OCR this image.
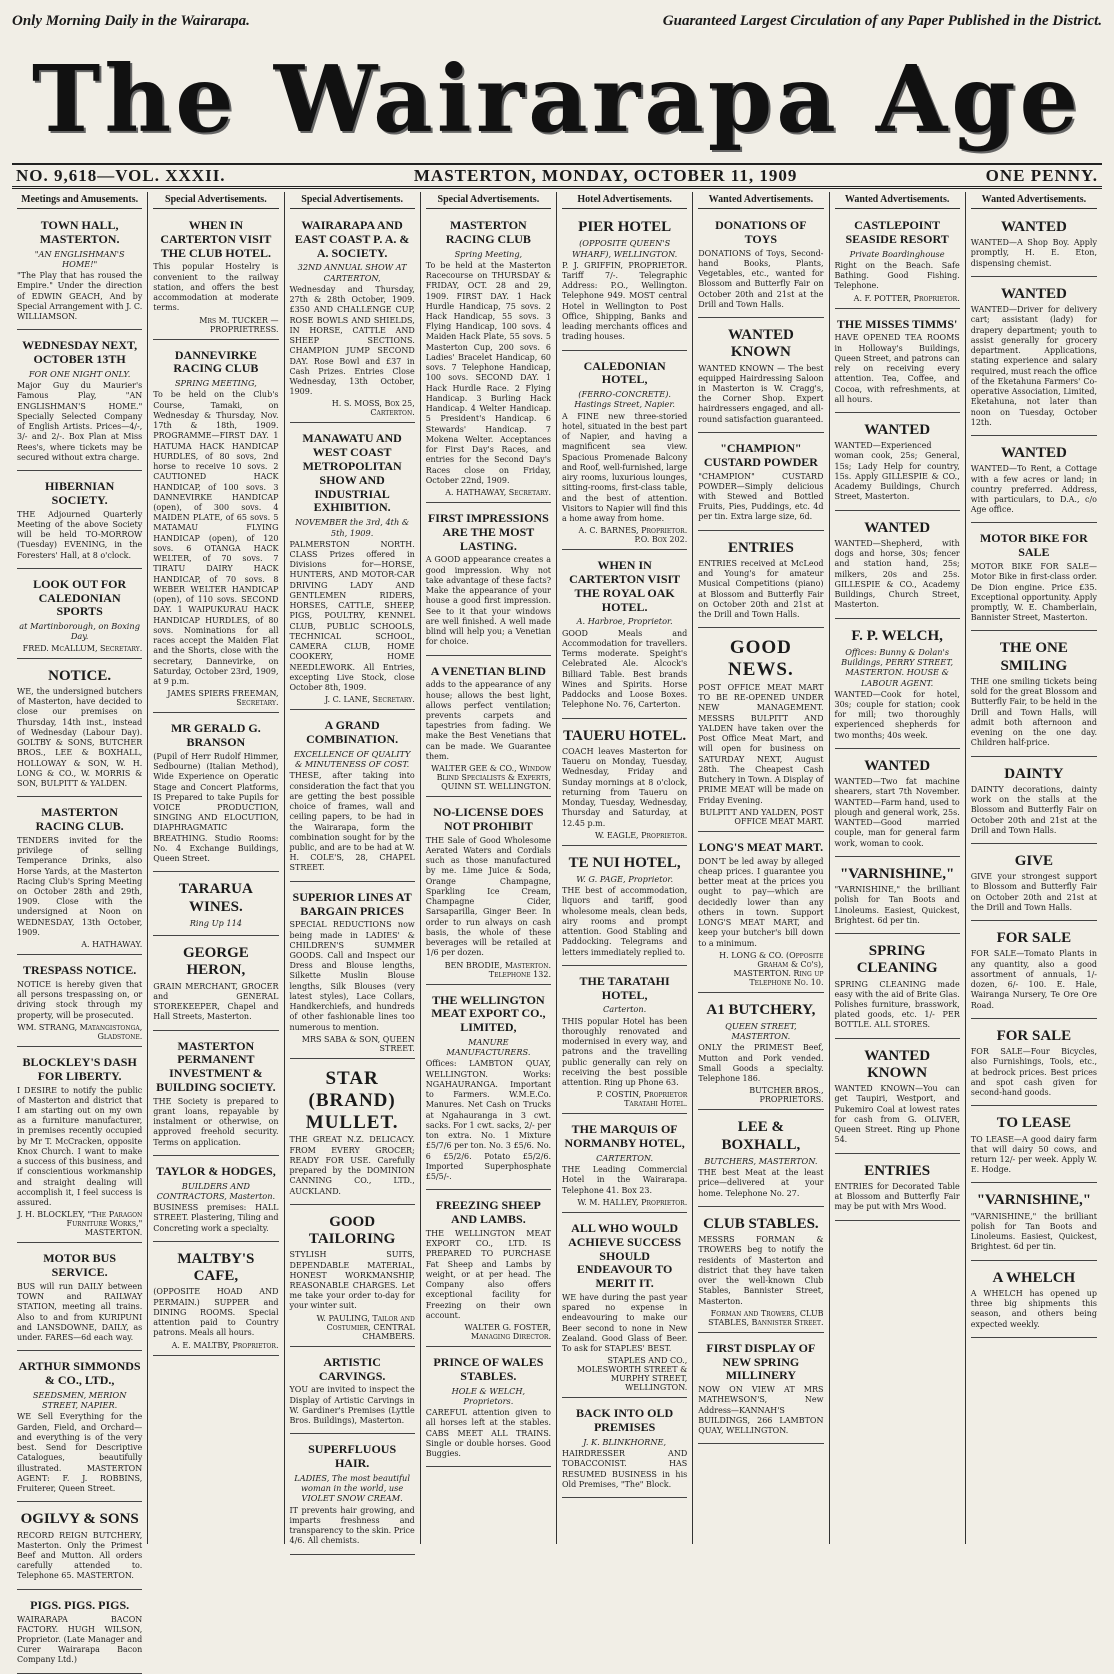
Only Morning Daily in the Wairarapa.	Guaranteed Largest Circulation of any Paper Published in the District.
The Wairarapa Age
NO. 9,618—VOL. XXXII.	MASTERTON, MONDAY, OCTOBER 11, 1909	ONE PENNY.
Meetings and Amusements.
TOWN HALL, MASTERTON.
"AN ENGLISHMAN'S HOME!"
"The Play that has roused the Empire." Under the direction of EDWIN GEACH, And by Special Arrangement with J. C. WILLIAMSON.
WEDNESDAY NEXT, OCTOBER 13TH
FOR ONE NIGHT ONLY.
Major Guy du Maurier's Famous Play, "AN ENGLISHMAN'S HOME." Specially Selected Company of English Artists. Prices—4/-, 3/- and 2/-. Box Plan at Miss Rees's, where tickets may be secured without extra charge.
HIBERNIAN SOCIETY.
THE Adjourned Quarterly Meeting of the above Society will be held TO-MORROW (Tuesday) EVENING, in the Foresters' Hall, at 8 o'clock.
LOOK OUT FOR CALEDONIAN SPORTS
at Martinborough, on Boxing Day.
FRED. McALLUM, Secretary.
NOTICE.
WE, the undersigned butchers of Masterton, have decided to close our premises on Thursday, 14th inst., instead of Wednesday (Labour Day). GOLTBY & SONS, BUTCHER BROS., LEE & BOXHALL, HOLLOWAY & SON, W. H. LONG & CO., W. MORRIS & SON, BULPITT & YALDEN.
MASTERTON RACING CLUB.
TENDERS invited for the privilege of selling Temperance Drinks, also Horse Yards, at the Masterton Racing Club's Spring Meeting on October 28th and 29th, 1909. Close with the undersigned at Noon on WEDNESDAY, 13th October, 1909.
A. HATHAWAY.
TRESPASS NOTICE.
NOTICE is hereby given that all persons trespassing on, or driving stock through my property, will be prosecuted.
WM. STRANG, Matangistonga, Gladstone.
BLOCKLEY'S DASH FOR LIBERTY.
I DESIRE to notify the public of Masterton and district that I am starting out on my own as a furniture manufacturer, in premises recently occupied by Mr T. McCracken, opposite Knox Church. I want to make a success of this business, and if conscientious workmanship and straight dealing will accomplish it, I feel success is assured.
J. H. BLOCKLEY, "The Paragon Furniture Works," MASTERTON.
MOTOR BUS SERVICE.
BUS will run DAILY between TOWN and RAILWAY STATION, meeting all trains. Also to and from KURIPUNI and LANSDOWNE, DAILY, as under. FARES—6d each way.
ARTHUR SIMMONDS & CO., LTD.,
SEEDSMEN, MERION STREET, NAPIER.
WE Sell Everything for the Garden, Field, and Orchard—and everything is of the very best. Send for Descriptive Catalogues, beautifully illustrated. MASTERTON AGENT: F. J. ROBBINS, Fruiterer, Queen Street.
OGILVY & SONS
RECORD REIGN BUTCHERY, Masterton. Only the Primest Beef and Mutton. All orders carefully attended to. Telephone 65. MASTERTON.
PIGS. PIGS. PIGS.
WAIRARAPA BACON FACTORY. HUGH WILSON, Proprietor. (Late Manager and Curer Wairarapa Bacon Company Ltd.)
Special Advertisements.
WHEN IN CARTERTON VISIT THE CLUB HOTEL.
This popular Hostelry is convenient to the railway station, and offers the best accommodation at moderate terms.
Mrs M. TUCKER — PROPRIETRESS.
DANNEVIRKE RACING CLUB
SPRING MEETING,
To be held on the Club's Course, Tamaki, on Wednesday & Thursday, Nov. 17th & 18th, 1909. PROGRAMME—FIRST DAY. 1 HATUMA HACK HANDICAP HURDLES, of 80 sovs, 2nd horse to receive 10 sovs. 2 CAUTIONED HACK HANDICAP, of 100 sovs. 3 DANNEVIRKE HANDICAP (open), of 300 sovs. 4 MAIDEN PLATE, of 65 sovs. 5 MATAMAU FLYING HANDICAP (open), of 120 sovs. 6 OTANGA HACK WELTER, of 70 sovs. 7 TIRATU DAIRY HACK HANDICAP, of 70 sovs. 8 WEBER WELTER HANDICAP (open), of 110 sovs. SECOND DAY. 1 WAIPUKURAU HACK HANDICAP HURDLES, of 80 sovs. Nominations for all races accept the Maiden Flat and the Shorts, close with the secretary, Dannevirke, on Saturday, October 23rd, 1909, at 9 p.m.
JAMES SPIERS FREEMAN, Secretary.
MR GERALD G. BRANSON
(Pupil of Herr Rudolf Himmer, Sedbourne) (Italian Method), Wide Experience on Operatic Stage and Concert Platforms, IS Prepared to take Pupils for VOICE PRODUCTION, SINGING AND ELOCUTION, DIAPHRAGMATIC BREATHING. Studio Rooms: No. 4 Exchange Buildings, Queen Street.
TARARUA WINES.
Ring Up 114
GEORGE HERON,
GRAIN MERCHANT, GROCER and GENERAL STOREKEEPER, Chapel and Hall Streets, Masterton.
MASTERTON PERMANENT INVESTMENT & BUILDING SOCIETY.
THE Society is prepared to grant loans, repayable by instalment or otherwise, on approved freehold security. Terms on application.
TAYLOR & HODGES,
BUILDERS AND CONTRACTORS, Masterton.
BUSINESS premises: HALL STREET. Plastering, Tiling and Concreting work a specialty.
MALTBY'S CAFE,
(OPPOSITE HOAD AND PERMAIN.) SUPPER and DINING ROOMS. Special attention paid to Country patrons. Meals all hours.
A. E. MALTBY, Proprietor.
Special Advertisements.
WAIRARAPA AND EAST COAST P. A. & A. SOCIETY.
32ND ANNUAL SHOW AT CARTERTON,
Wednesday and Thursday, 27th & 28th October, 1909. £350 AND CHALLENGE CUP, ROSE BOWLS AND SHIELDS, IN HORSE, CATTLE AND SHEEP SECTIONS. CHAMPION JUMP SECOND DAY. Rose Bowl and £37 in Cash Prizes. Entries Close Wednesday, 13th October, 1909.
H. S. MOSS, Box 25, Carterton.
MANAWATU AND WEST COAST METROPOLITAN SHOW AND INDUSTRIAL EXHIBITION.
NOVEMBER the 3rd, 4th & 5th, 1909.
PALMERSTON NORTH. CLASS Prizes offered in Divisions for—HORSE, HUNTERS, AND MOTOR-CAR DRIVING LADY AND GENTLEMEN RIDERS, HORSES, CATTLE, SHEEP, PIGS, POULTRY, KENNEL CLUB, PUBLIC SCHOOLS, TECHNICAL SCHOOL, CAMERA CLUB, HOME COOKERY, HOME NEEDLEWORK. All Entries, excepting Live Stock, close October 8th, 1909.
J. C. LANE, Secretary.
A GRAND COMBINATION.
EXCELLENCE OF QUALITY & MINUTENESS OF COST.
THESE, after taking into consideration the fact that you are getting the best possible choice of frames, wall and ceiling papers, to be had in the Wairarapa, form the combination sought for by the public, and are to be had at W. H. COLE'S, 28, CHAPEL STREET.
SUPERIOR LINES AT BARGAIN PRICES
SPECIAL REDUCTIONS now being made in LADIES' & CHILDREN'S SUMMER GOODS. Call and Inspect our Dress and Blouse lengths, Silkette Muslin Blouse lengths, Silk Blouses (very latest styles), Lace Collars, Handkerchiefs, and hundreds of other fashionable lines too numerous to mention.
MRS SABA & SON, QUEEN STREET.
STAR (BRAND) MULLET.
THE GREAT N.Z. DELICACY. FROM EVERY GROCER; READY FOR USE. Carefully prepared by the DOMINION CANNING CO., LTD., AUCKLAND.
GOOD TAILORING
STYLISH SUITS, DEPENDABLE MATERIAL, HONEST WORKMANSHIP, REASONABLE CHARGES. Let me take your order to-day for your winter suit.
W. PAULING, Tailor and Costumier, CENTRAL CHAMBERS.
ARTISTIC CARVINGS.
YOU are invited to inspect the Display of Artistic Carvings in W. Gardiner's Premises (Lyttle Bros. Buildings), Masterton.
SUPERFLUOUS HAIR.
LADIES, The most beautiful woman in the world, use VIOLET SNOW CREAM.
IT prevents hair growing, and imparts freshness and transparency to the skin. Price 4/6. All chemists.
Special Advertisements.
MASTERTON RACING CLUB
Spring Meeting,
To be held at the Masterton Racecourse on THURSDAY & FRIDAY, OCT. 28 and 29, 1909. FIRST DAY. 1 Hack Hurdle Handicap, 75 sovs. 2 Hack Handicap, 55 sovs. 3 Flying Handicap, 100 sovs. 4 Maiden Hack Plate, 55 sovs. 5 Masterton Cup, 200 sovs. 6 Ladies' Bracelet Handicap, 60 sovs. 7 Telephone Handicap, 100 sovs. SECOND DAY. 1 Hack Hurdle Race. 2 Flying Handicap. 3 Burling Hack Handicap. 4 Welter Handicap. 5 President's Handicap. 6 Stewards' Handicap. 7 Mokena Welter. Acceptances for First Day's Races, and entries for the Second Day's Races close on Friday, October 22nd, 1909.
A. HATHAWAY, Secretary.
FIRST IMPRESSIONS ARE THE MOST LASTING.
A GOOD appearance creates a good impression. Why not take advantage of these facts? Make the appearance of your house a good first impression. See to it that your windows are well finished. A well made blind will help you; a Venetian for choice.
A VENETIAN BLIND
adds to the appearance of any house; allows the best light, allows perfect ventilation; prevents carpets and tapestries from fading. We make the Best Venetians that can be made. We Guarantee them.
WALTER GEE & CO., Window Blind Specialists & Experts, QUINN ST. WELLINGTON.
NO-LICENSE DOES NOT PROHIBIT
THE Sale of Good Wholesome Aerated Waters and Cordials such as those manufactured by me. Lime Juice & Soda, Orange Champagne, Sparkling Ice Cream, Champagne Cider, Sarsaparilla, Ginger Beer. In order to run always on cash basis, the whole of these beverages will be retailed at 1/6 per dozen.
BEN BRODIE, Masterton. Telephone 132.
THE WELLINGTON MEAT EXPORT CO., LIMITED,
MANURE MANUFACTURERS.
Offices: LAMBTON QUAY, WELLINGTON. Works: NGAHAURANGA. Important to Farmers. W.M.E.Co. Manures. Net Cash on Trucks at Ngahauranga in 3 cwt. sacks. For 1 cwt. sacks, 2/- per ton extra. No. 1 Mixture £5/7/6 per ton. No. 3 £5/6. No. 6 £5/2/6. Potato £5/2/6. Imported Superphosphate £5/5/-.
FREEZING SHEEP AND LAMBS.
THE WELLINGTON MEAT EXPORT CO., LTD. IS PREPARED TO PURCHASE Fat Sheep and Lambs by weight, or at per head. The Company also offers exceptional facility for Freezing on their own account.
WALTER G. FOSTER, Managing Director.
PRINCE OF WALES STABLES.
HOLE & WELCH, Proprietors.
CAREFUL attention given to all horses left at the stables. CABS MEET ALL TRAINS. Single or double horses. Good Buggies.
Hotel Advertisements.
PIER HOTEL
(OPPOSITE QUEEN'S WHARF), WELLINGTON.
P. J. GRIFFIN, PROPRIETOR. Tariff 7/-. Telegraphic Address: P.O., Wellington. Telephone 949. MOST central Hotel in Wellington to Post Office, Shipping, Banks and leading merchants offices and trading houses.
CALEDONIAN HOTEL,
(FERRO-CONCRETE). Hastings Street, Napier.
A FINE new three-storied hotel, situated in the best part of Napier, and having a magnificent sea view. Spacious Promenade Balcony and Roof, well-furnished, large airy rooms, luxurious lounges, sitting-rooms, first-class table, and the best of attention. Visitors to Napier will find this a home away from home.
A. C. BARNES, Proprietor. P.O. Box 202.
WHEN IN CARTERTON VISIT THE ROYAL OAK HOTEL.
A. Harbroe, Proprietor.
GOOD Meals and Accommodation for travellers. Terms moderate. Speight's Celebrated Ale. Alcock's Billiard Table. Best brands Wines and Spirits. Horse Paddocks and Loose Boxes. Telephone No. 76, Carterton.
TAUERU HOTEL.
COACH leaves Masterton for Taueru on Monday, Tuesday, Wednesday, Friday and Sunday mornings at 8 o'clock, returning from Taueru on Monday, Tuesday, Wednesday, Thursday and Saturday, at 12.45 p.m.
W. EAGLE, Proprietor.
TE NUI HOTEL,
W. G. PAGE, Proprietor.
THE best of accommodation, liquors and tariff, good wholesome meals, clean beds, airy rooms and prompt attention. Good Stabling and Paddocking. Telegrams and letters immediately replied to.
THE TARATAHI HOTEL,
Carterton.
THIS popular Hotel has been thoroughly renovated and modernised in every way, and patrons and the travelling public generally can rely on receiving the best possible attention. Ring up Phone 63.
P. COSTIN, Proprietor Taratahi Hotel.
THE MARQUIS OF NORMANBY HOTEL,
CARTERTON.
THE Leading Commercial Hotel in the Wairarapa. Telephone 41. Box 23.
W. M. HALLEY, Proprietor.
ALL WHO WOULD ACHIEVE SUCCESS SHOULD ENDEAVOUR TO MERIT IT.
WE have during the past year spared no expense in endeavouring to make our Beer second to none in New Zealand. Good Glass of Beer. To ask for STAPLES' BEST.
STAPLES AND CO., MOLESWORTH STREET & MURPHY STREET, WELLINGTON.
BACK INTO OLD PREMISES
J. K. BLINKHORNE,
HAIRDRESSER AND TOBACCONIST. HAS RESUMED BUSINESS in his Old Premises, "The" Block.
Wanted Advertisements.
DONATIONS OF TOYS
DONATIONS of Toys, Second-hand Books, Plants, Vegetables, etc., wanted for Blossom and Butterfly Fair on October 20th and 21st at the Drill and Town Halls.
WANTED KNOWN
WANTED KNOWN — The best equipped Hairdressing Saloon in Masterton is W. Cragg's, the Corner Shop. Expert hairdressers engaged, and all-round satisfaction guaranteed.
"CHAMPION" CUSTARD POWDER
"CHAMPION" CUSTARD POWDER—Simply delicious with Stewed and Bottled Fruits, Pies, Puddings, etc. 4d per tin. Extra large size, 6d.
ENTRIES
ENTRIES received at McLeod and Young's for amateur Musical Competitions (piano) at Blossom and Butterfly Fair on October 20th and 21st at the Drill and Town Halls.
GOOD NEWS.
POST OFFICE MEAT MART TO BE RE-OPENED UNDER NEW MANAGEMENT. MESSRS BULPITT AND YALDEN have taken over the Post Office Meat Mart, and will open for business on SATURDAY NEXT, August 28th. The Cheapest Cash Butchery in Town. A Display of PRIME MEAT will be made on Friday Evening.
BULPITT AND YALDEN, POST OFFICE MEAT MART.
LONG'S MEAT MART.
DON'T be led away by alleged cheap prices. I guarantee you better meat at the prices you ought to pay—which are decidedly lower than any others in town. Support LONG'S MEAT MART, and keep your butcher's bill down to a minimum.
H. LONG & CO. (Opposite Graham & Co's), MASTERTON. Ring up Telephone No. 10.
A1 BUTCHERY,
QUEEN STREET, MASTERTON.
ONLY the PRIMEST Beef, Mutton and Pork vended. Small Goods a specialty. Telephone 186.
BUTCHER BROS., PROPRIETORS.
LEE & BOXHALL,
BUTCHERS, MASTERTON.
THE best Meat at the least price—delivered at your home. Telephone No. 27.
CLUB STABLES.
MESSRS FORMAN & TROWERS beg to notify the residents of Masterton and district that they have taken over the well-known Club Stables, Bannister Street, Masterton.
Forman and Trowers, CLUB STABLES, Bannister Street.
FIRST DISPLAY OF NEW SPRING MILLINERY
NOW ON VIEW AT MRS MATHEWSON'S, New Address—KANNAH'S BUILDINGS, 266 LAMBTON QUAY, WELLINGTON.
Wanted Advertisements.
CASTLEPOINT SEASIDE RESORT
Private Boardinghouse
Right on the Beach. Safe Bathing. Good Fishing. Telephone.
A. F. POTTER, Proprietor.
THE MISSES TIMMS'
HAVE OPENED TEA ROOMS in Holloway's Buildings, Queen Street, and patrons can rely on receiving every attention. Tea, Coffee, and Cocoa, with refreshments, at all hours.
WANTED
WANTED—Experienced woman cook, 25s; General, 15s; Lady Help for country, 15s. Apply GILLESPIE & CO., Academy Buildings, Church Street, Masterton.
WANTED
WANTED—Shepherd, with dogs and horse, 30s; fencer and station hand, 25s; milkers, 20s and 25s. GILLESPIE & CO., Academy Buildings, Church Street, Masterton.
F. P. WELCH,
Offices: Bunny & Dolan's Buildings, PERRY STREET, MASTERTON. HOUSE & LABOUR AGENT.
WANTED—Cook for hotel, 30s; couple for station; cook for mill; two thoroughly experienced shepherds for two months; 40s week.
WANTED
WANTED—Two fat machine shearers, start 7th November. WANTED—Farm hand, used to plough and general work, 25s. WANTED—Good married couple, man for general farm work, woman to cook.
"VARNISHINE,"
"VARNISHINE," the brilliant polish for Tan Boots and Linoleums. Easiest, Quickest, Brightest. 6d per tin.
SPRING CLEANING
SPRING CLEANING made easy with the aid of Brite Glas. Polishes furniture, brasswork, plated goods, etc. 1/- PER BOTTLE. ALL STORES.
WANTED KNOWN
WANTED KNOWN—You can get Taupiri, Westport, and Pukemiro Coal at lowest rates for cash from G. OLIVER, Queen Street. Ring up Phone 54.
ENTRIES
ENTRIES for Decorated Table at Blossom and Butterfly Fair may be put with Mrs Wood.
Wanted Advertisements.
WANTED
WANTED—A Shop Boy. Apply promptly, H. E. Eton, dispensing chemist.
WANTED
WANTED—Driver for delivery cart; assistant (lady) for drapery department; youth to assist generally for grocery department. Applications, stating experience and salary required, must reach the office of the Eketahuna Farmers' Co-operative Association, Limited, Eketahuna, not later than noon on Tuesday, October 12th.
WANTED
WANTED—To Rent, a Cottage with a few acres or land; in country preferred. Address, with particulars, to D.A., c/o Age office.
MOTOR BIKE FOR SALE
MOTOR BIKE FOR SALE—Motor Bike in first-class order. De Dion engine. Price £35. Exceptional opportunity. Apply promptly, W. E. Chamberlain, Bannister Street, Masterton.
THE ONE SMILING
THE one smiling tickets being sold for the great Blossom and Butterfly Fair, to be held in the Drill and Town Halls, will admit both afternoon and evening on the one day. Children half-price.
DAINTY
DAINTY decorations, dainty work on the stalls at the Blossom and Butterfly Fair on October 20th and 21st at the Drill and Town Halls.
GIVE
GIVE your strongest support to Blossom and Butterfly Fair on October 20th and 21st at the Drill and Town Halls.
FOR SALE
FOR SALE—Tomato Plants in any quantity, also a good assortment of annuals, 1/- dozen, 6/- 100. E. Hale, Wairanga Nursery, Te Ore Ore Road.
FOR SALE
FOR SALE—Four Bicycles, also Furnishings, Tools, etc., at bedrock prices. Best prices and spot cash given for second-hand goods.
TO LEASE
TO LEASE—A good dairy farm that will dairy 50 cows, and return 12/- per week. Apply W. E. Hodge.
"VARNISHINE,"
"VARNISHINE," the brilliant polish for Tan Boots and Linoleums. Easiest, Quickest, Brightest. 6d per tin.
A WHELCH
A WHELCH has opened up three big shipments this season, and others being expected weekly.
